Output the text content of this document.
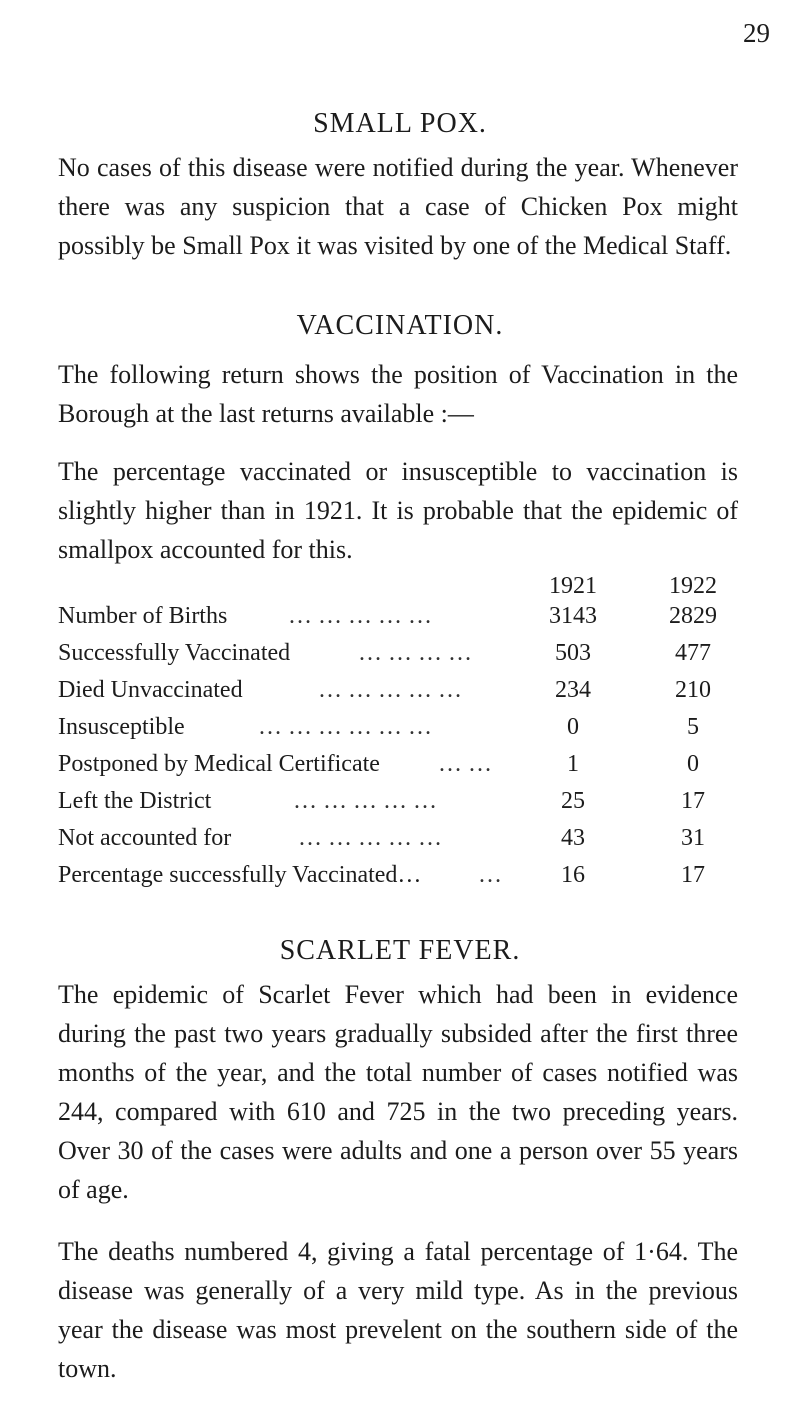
29
SMALL POX.

No cases of this disease were notified during the year. Whenever there was any suspicion that a case of Chicken Pox might possibly be Small Pox it was visited by one of the Medical Staff.

VACCINATION.

The following return shows the position of Vaccination in the Borough at the last returns available :—

The percentage vaccinated or insusceptible to vaccination is slightly higher than in 1921. It is probable that the epidemic of smallpox accounted for this.

1921	1922
Number of Births	… … … … …	3143	2829
Successfully Vaccinated	… … … …	503	477
Died Unvaccinated	… … … … …	234	210
Insusceptible	… … … … … …	0	5
Postponed by Medical Certificate … …	1	0
Left the District	… … … … …	25	17
Not accounted for	… … … … …	43	31
Percentage successfully Vaccinated… …	16	17
SCARLET FEVER.

The epidemic of Scarlet Fever which had been in evidence during the past two years gradually subsided after the first three months of the year, and the total number of cases notified was 244, compared with 610 and 725 in the two preceding years. Over 30 of the cases were adults and one a person over 55 years of age.

The deaths numbered 4, giving a fatal percentage of 1·64. The disease was generally of a very mild type. As in the previous year the disease was most prevelent on the southern side of the town.
